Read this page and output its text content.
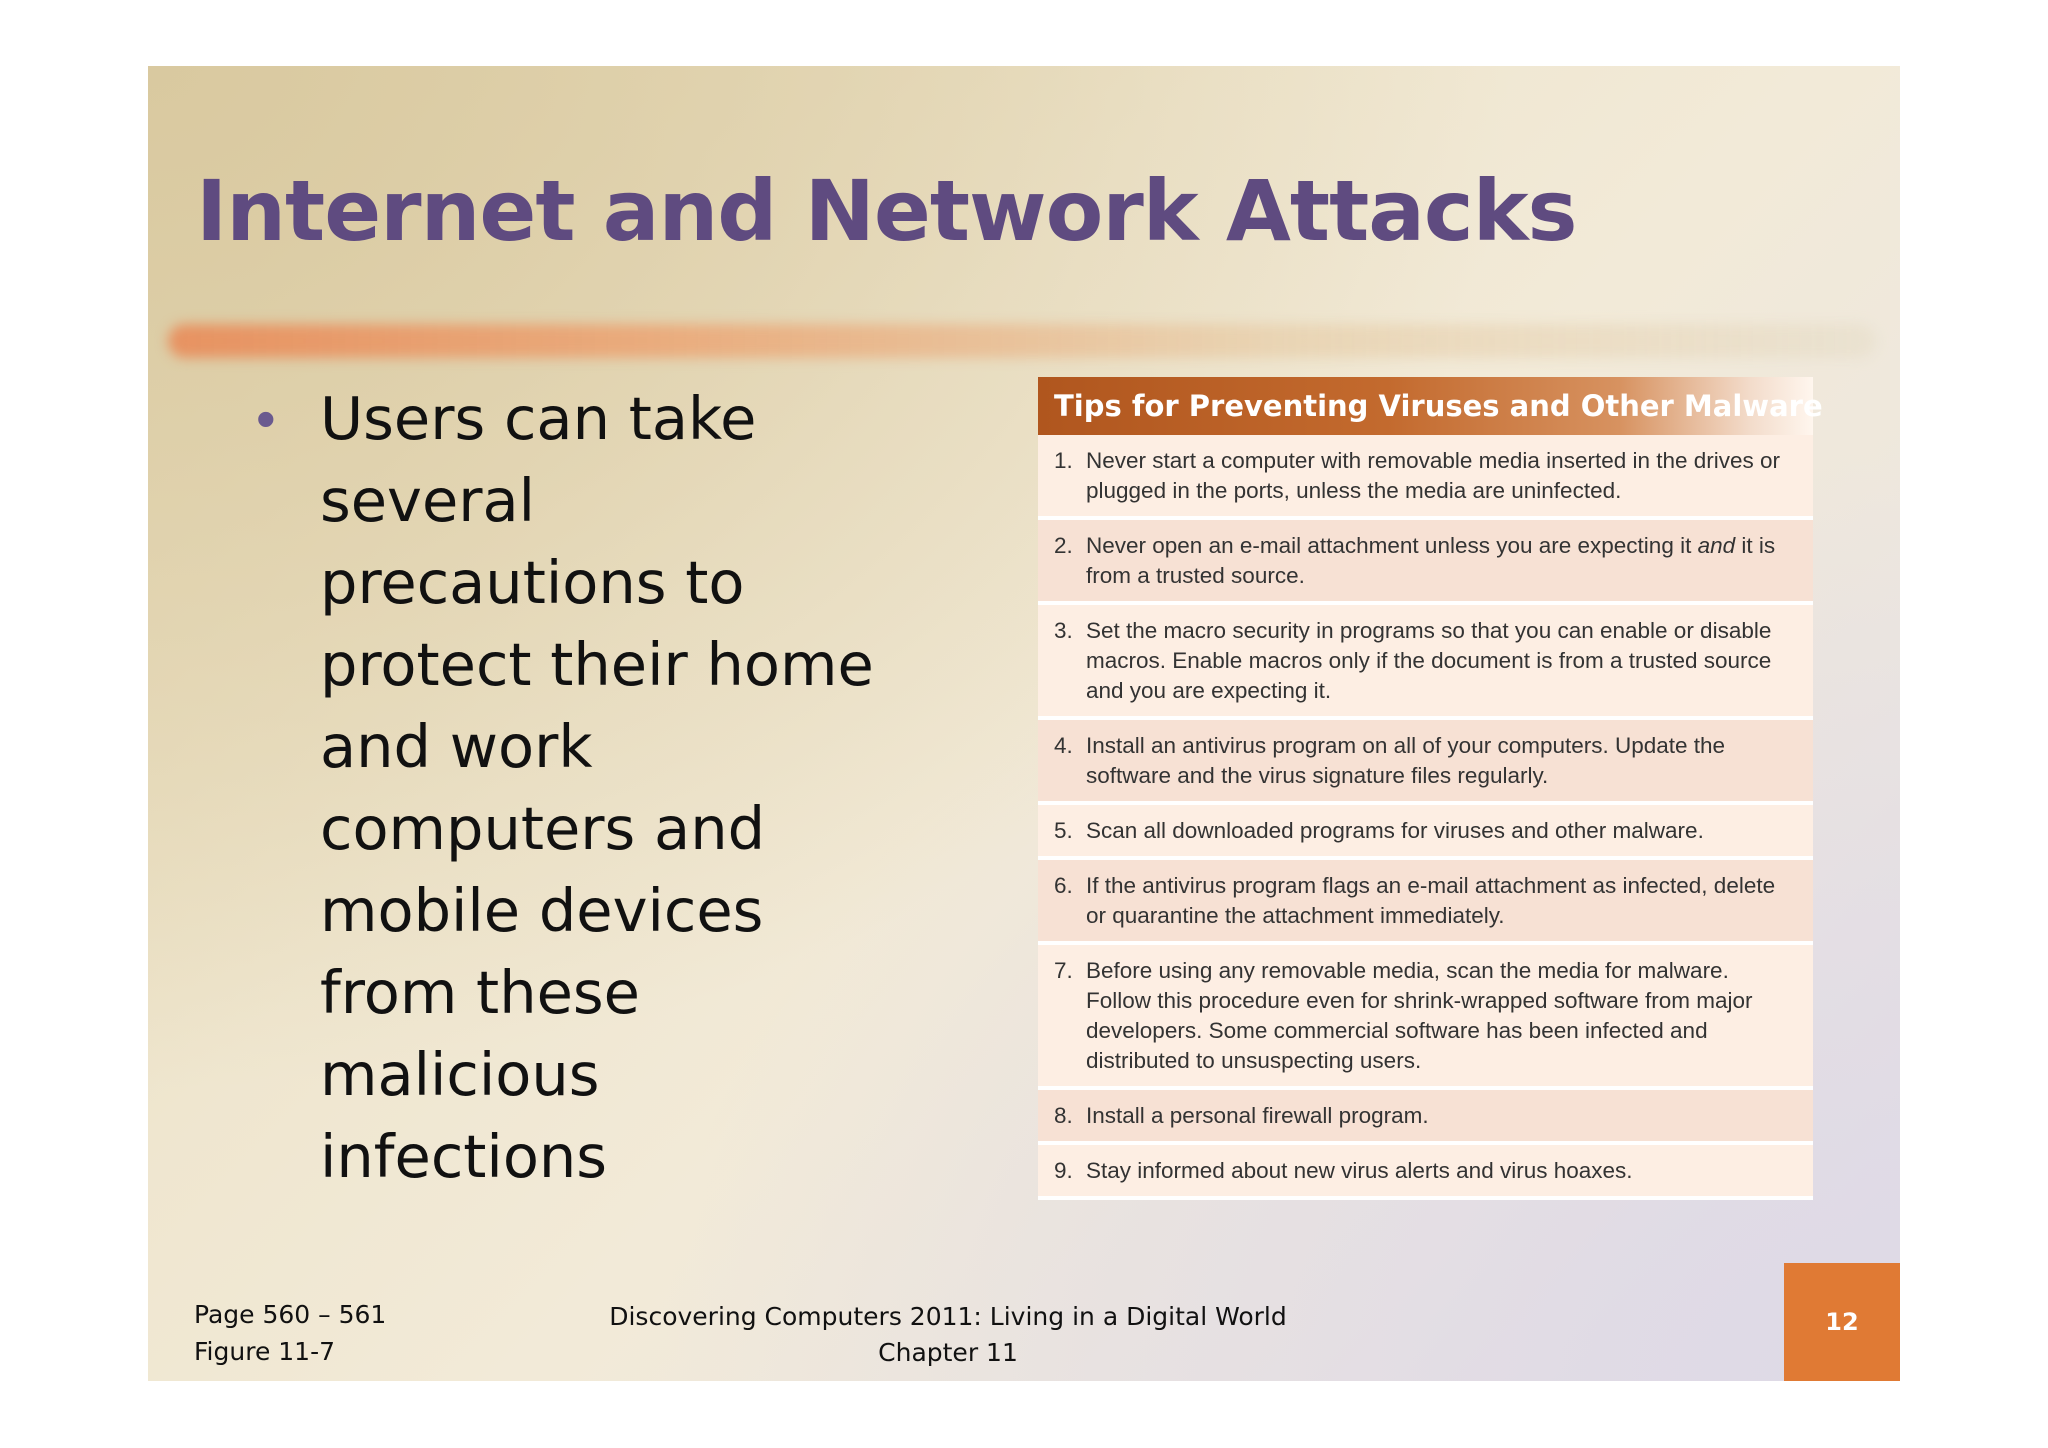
Internet and Network Attacks
• Users can take several precautions to protect their home and work computers and mobile devices from these malicious infections
Tips for Preventing Viruses and Other Malware
1. Never start a computer with removable media inserted in the drives or plugged in the ports, unless the media are uninfected.
2. Never open an e-mail attachment unless you are expecting it and it is from a trusted source.
3. Set the macro security in programs so that you can enable or disable macros. Enable macros only if the document is from a trusted source and you are expecting it.
4. Install an antivirus program on all of your computers. Update the software and the virus signature files regularly.
5. Scan all downloaded programs for viruses and other malware.
6. If the antivirus program flags an e-mail attachment as infected, delete or quarantine the attachment immediately.
7. Before using any removable media, scan the media for malware. Follow this procedure even for shrink-wrapped software from major developers. Some commercial software has been infected and distributed to unsuspecting users.
8. Install a personal firewall program.
9. Stay informed about new virus alerts and virus hoaxes.
Page 560 – 561
Figure 11-7
Discovering Computers 2011: Living in a Digital World
Chapter 11
12
